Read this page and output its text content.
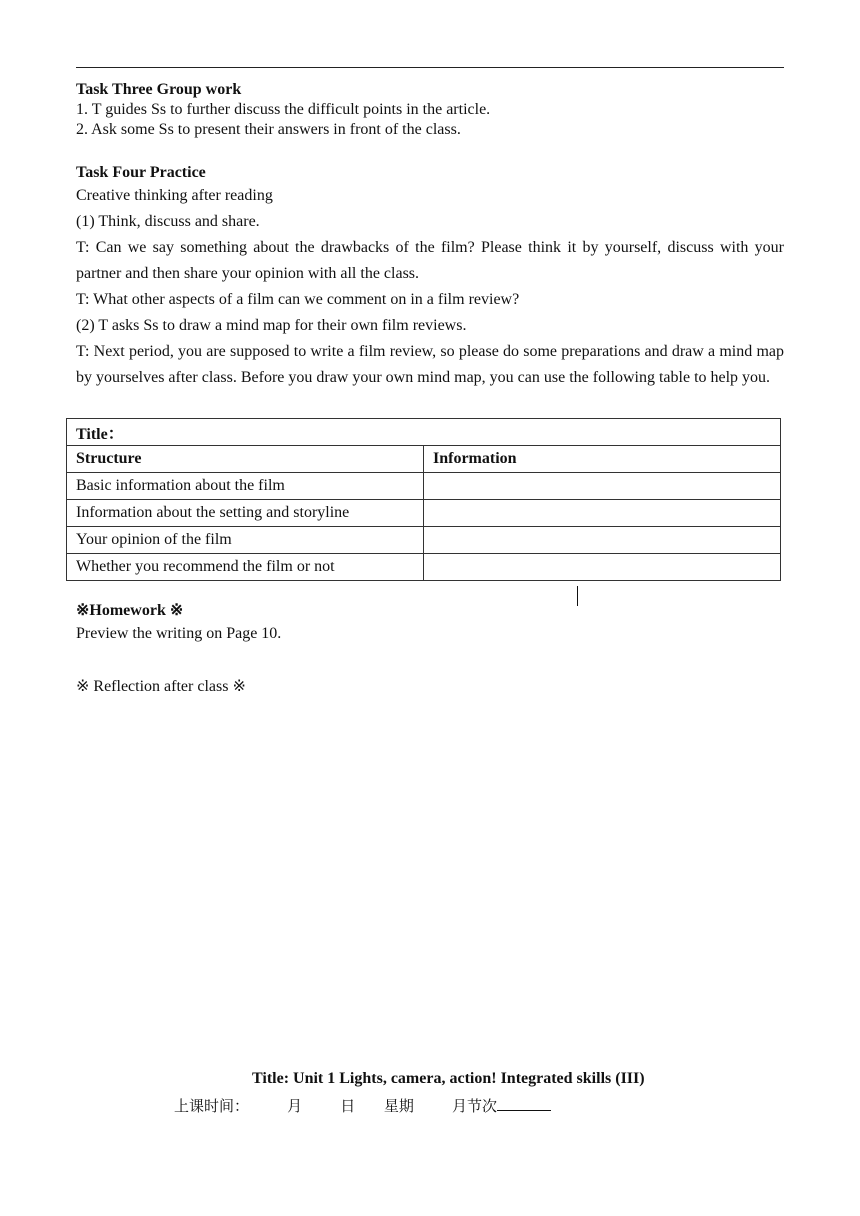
Task Three Group work

1. T guides Ss to further discuss the difficult points in the article.

2. Ask some Ss to present their answers in front of the class.

Task Four Practice

Creative thinking after reading

(1) Think, discuss and share.

T: Can we say something about the drawbacks of the film? Please think it by yourself, discuss with your partner and then share your opinion with all the class.

T: What other aspects of a film can we comment on in a film review?

(2) T asks Ss to draw a mind map for their own film reviews.

T: Next period, you are supposed to write a film review, so please do some preparations and draw a mind map by yourselves after class. Before you draw your own mind map, you can use the following table to help you.

Title：	
Structure	Information
Basic information about the film	
Information about the setting and storyline	
Your opinion of the film	
Whether you recommend the film or not	

※Homework ※

Preview the writing on Page 10.

※ Reflection after class ※

Title: Unit 1 Lights, camera, action! Integrated skills (III)
上课时间：        月        日      星期        月节次
